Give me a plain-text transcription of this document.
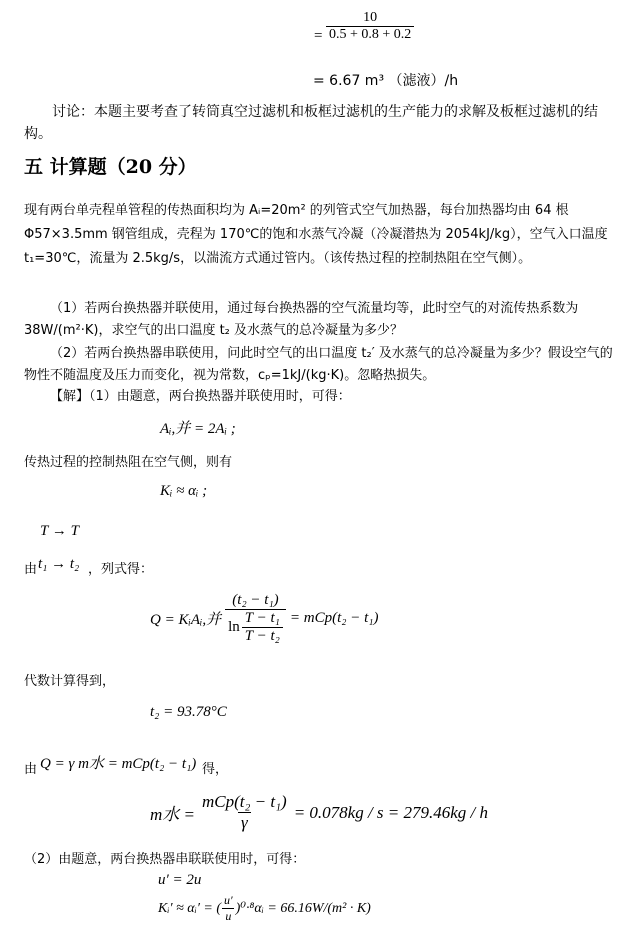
= $\frac{10}{0.5 + 0.8 + 0.2}$
= 6.67 m³ （滤液）/h
讨论：本题主要考查了转筒真空过滤机和板框过滤机的生产能力的求解及板框过滤机的结构。
五 计算题（20 分）
现有两台单壳程单管程的传热面积均为 Aᵢ=20m² 的列管式空气加热器，每台加热器均由 64 根Φ57×3.5mm 钢管组成，壳程为 170℃的饱和水蒸气冷凝（冷凝潜热为 2054kJ/kg），空气入口温度 t₁=30℃，流量为 2.5kg/s，以湍流方式通过管内。（该传热过程的控制热阻在空气侧）。
（1）若两台换热器并联使用，通过每台换热器的空气流量均等，此时空气的对流传热系数为 38W/(m²·K)，求空气的出口温度 t₂ 及水蒸气的总冷凝量为多少？
（2）若两台换热器串联使用，问此时空气的出口温度 t₂′ 及水蒸气的总冷凝量为多少？假设空气的物性不随温度及压力而变化，视为常数，cₚ=1kJ/(kg·K)。忽略热损失。
【解】（1）由题意，两台换热器并联使用时，可得：
Aᵢ,并 = 2Aᵢ ;
传热过程的控制热阻在空气侧，则有
Kᵢ ≈ αᵢ ;
T → T
由 t₁ → t₂ ，列式得：
Q = KᵢAᵢ,并 $\frac{\text{(t₂ − t₁)}}{\ln \frac{\text{T − t₁}}{\text{T − t₂}}} = mCp(t_2 - t_1)$
代数计算得到，
t₂ = 93.78°C
由 Q = γ m水 = mCp(t₂ − t₁) 得，
m水 = $\frac{\text{mCp(t₂ − t₁)}}{\gamma} = 0.078kg / s = 279.46kg / h$
（2）由题意，两台换热器串联联使用时，可得：
u′ = 2u
Kᵢ′ ≈ αᵢ′ = ( $\frac{u'}{u}$ )⁰·⁸αᵢ = 66.16W/(m² · K)
